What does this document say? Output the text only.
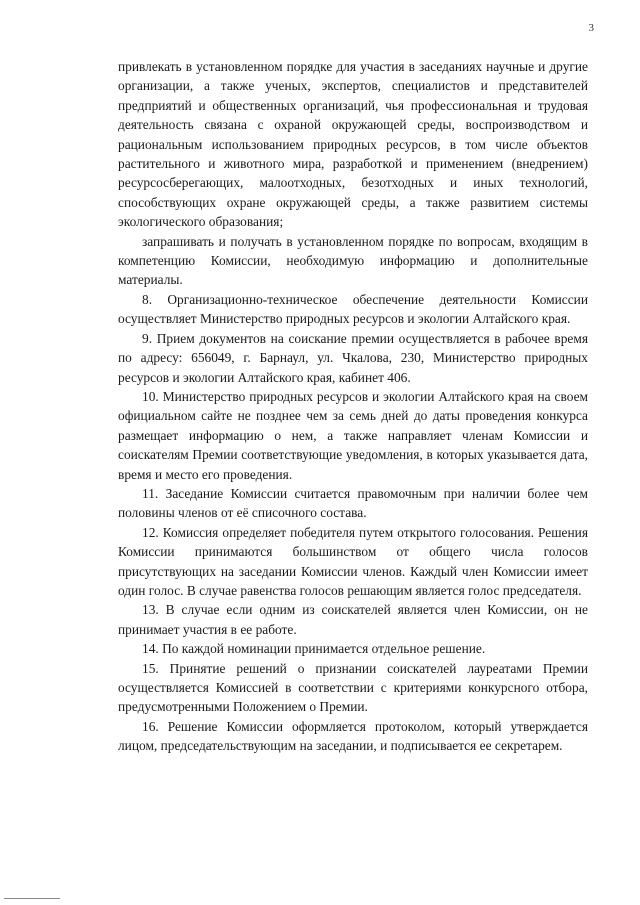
3

привлекать в установленном порядке для участия в заседаниях научные и другие организации, а также ученых, экспертов, специалистов и представителей предприятий и общественных организаций, чья профессиональная и трудовая деятельность связана с охраной окружающей среды, воспроизводством и рациональным использованием природных ресурсов, в том числе объектов растительного и животного мира, разработкой и применением (внедрением) ресурсосберегающих, малоотходных, безотходных и иных технологий, способствующих охране окружающей среды, а также развитием системы экологического образования;

запрашивать и получать в установленном порядке по вопросам, входящим в компетенцию Комиссии, необходимую информацию и дополнительные материалы.

8. Организационно-техническое обеспечение деятельности Комиссии осуществляет Министерство природных ресурсов и экологии Алтайского края.

9. Прием документов на соискание премии осуществляется в рабочее время по адресу: 656049, г. Барнаул, ул. Чкалова, 230, Министерство природных ресурсов и экологии Алтайского края, кабинет 406.

10. Министерство природных ресурсов и экологии Алтайского края на своем официальном сайте не позднее чем за семь дней до даты проведения конкурса размещает информацию о нем, а также направляет членам Комиссии и соискателям Премии соответствующие уведомления, в которых указывается дата, время и место его проведения.

11. Заседание Комиссии считается правомочным при наличии более чем половины членов от её списочного состава.

12. Комиссия определяет победителя путем открытого голосования. Решения Комиссии принимаются большинством от общего числа голосов присутствующих на заседании Комиссии членов. Каждый член Комиссии имеет один голос. В случае равенства голосов решающим является голос председателя.

13. В случае если одним из соискателей является член Комиссии, он не принимает участия в ее работе.

14. По каждой номинации принимается отдельное решение.

15. Принятие решений о признании соискателей лауреатами Премии осуществляется Комиссией в соответствии с критериями конкурсного отбора, предусмотренными Положением о Премии.

16. Решение Комиссии оформляется протоколом, который утверждается лицом, председательствующим на заседании, и подписывается ее секретарем.
